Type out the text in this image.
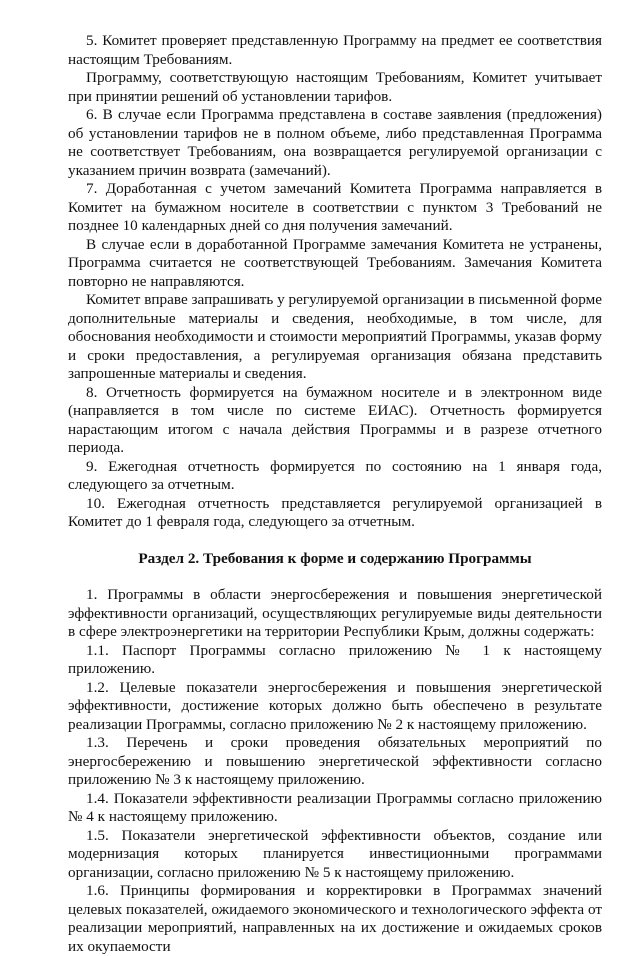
5. Комитет проверяет представленную Программу на предмет ее соответствия настоящим Требованиям.

Программу, соответствующую настоящим Требованиям, Комитет учитывает при принятии решений об установлении тарифов.

6. В случае если Программа представлена в составе заявления (предложения) об установлении тарифов не в полном объеме, либо представленная Программа не соответствует Требованиям, она возвращается регулируемой организации с указанием причин возврата (замечаний).

7. Доработанная с учетом замечаний Комитета Программа направляется в Комитет на бумажном носителе в соответствии с пунктом 3 Требований не позднее 10 календарных дней со дня получения замечаний.

В случае если в доработанной Программе замечания Комитета не устранены, Программа считается не соответствующей Требованиям. Замечания Комитета повторно не направляются.

Комитет вправе запрашивать у регулируемой организации в письменной форме дополнительные материалы и сведения, необходимые, в том числе, для обоснования необходимости и стоимости мероприятий Программы, указав форму и сроки предоставления, а регулируемая организация обязана представить запрошенные материалы и сведения.

8. Отчетность формируется на бумажном носителе и в электронном виде (направляется в том числе по системе ЕИАС). Отчетность формируется нарастающим итогом с начала действия Программы и в разрезе отчетного периода.

9. Ежегодная отчетность формируется по состоянию на 1 января года, следующего за отчетным.

10. Ежегодная отчетность представляется регулируемой организацией в Комитет до 1 февраля года, следующего за отчетным.

Раздел 2. Требования к форме и содержанию Программы

1. Программы в области энергосбережения и повышения энергетической эффективности организаций, осуществляющих регулируемые виды деятельности в сфере электроэнергетики на территории Республики Крым, должны содержать:

1.1. Паспорт Программы согласно приложению № 1 к настоящему приложению.

1.2. Целевые показатели энергосбережения и повышения энергетической эффективности, достижение которых должно быть обеспечено в результате реализации Программы, согласно приложению № 2 к настоящему приложению.

1.3. Перечень и сроки проведения обязательных мероприятий по энергосбережению и повышению энергетической эффективности согласно приложению № 3 к настоящему приложению.

1.4. Показатели эффективности реализации Программы согласно приложению № 4 к настоящему приложению.

1.5. Показатели энергетической эффективности объектов, создание или модернизация которых планируется инвестиционными программами организации, согласно приложению № 5 к настоящему приложению.

1.6. Принципы формирования и корректировки в Программах значений целевых показателей, ожидаемого экономического и технологического эффекта от реализации мероприятий, направленных на их достижение и ожидаемых сроков их окупаемости
